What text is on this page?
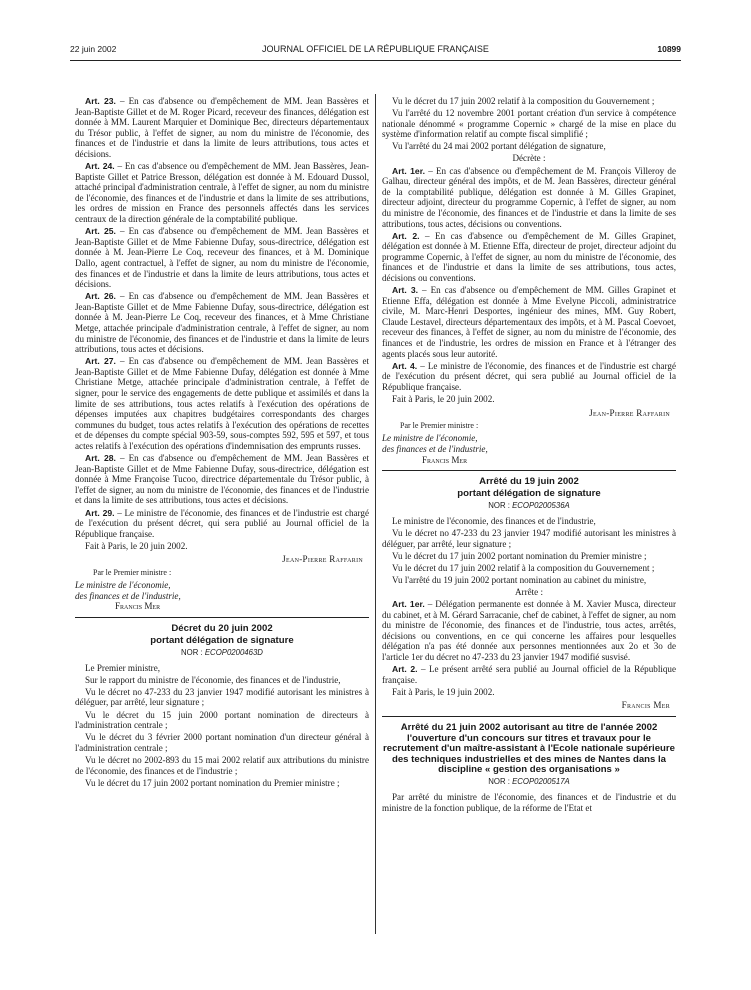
22 juin 2002	JOURNAL OFFICIEL DE LA RÉPUBLIQUE FRANÇAISE	10899

Art. 23. – En cas d'absence ou d'empêchement de MM. Jean Bassères et Jean-Baptiste Gillet et de M. Roger Picard, receveur des finances, délégation est donnée à MM. Laurent Marquier et Dominique Bec, directeurs départementaux du Trésor public, à l'effet de signer, au nom du ministre de l'économie, des finances et de l'industrie et dans la limite de leurs attributions, tous actes et décisions.

Art. 24. – En cas d'absence ou d'empêchement de MM. Jean Bassères, Jean-Baptiste Gillet et Patrice Bresson, délégation est donnée à M. Edouard Dussol, attaché principal d'administration centrale, à l'effet de signer, au nom du ministre de l'économie, des finances et de l'industrie et dans la limite de ses attributions, les ordres de mission en France des personnels affectés dans les services centraux de la direction générale de la comptabilité publique.

Art. 25. – En cas d'absence ou d'empêchement de MM. Jean Bassères et Jean-Baptiste Gillet et de Mme Fabienne Dufay, sous-directrice, délégation est donnée à M. Jean-Pierre Le Coq, receveur des finances, et à M. Dominique Dallo, agent contractuel, à l'effet de signer, au nom du ministre de l'économie, des finances et de l'industrie et dans la limite de leurs attributions, tous actes et décisions.

Art. 26. – En cas d'absence ou d'empêchement de MM. Jean Bassères et Jean-Baptiste Gillet et de Mme Fabienne Dufay, sous-directrice, délégation est donnée à M. Jean-Pierre Le Coq, receveur des finances, et à Mme Christiane Metge, attachée principale d'administration centrale, à l'effet de signer, au nom du ministre de l'économie, des finances et de l'industrie et dans la limite de leurs attributions, tous actes et décisions.

Art. 27. – En cas d'absence ou d'empêchement de MM. Jean Bassères et Jean-Baptiste Gillet et de Mme Fabienne Dufay, délégation est donnée à Mme Christiane Metge, attachée principale d'administration centrale, à l'effet de signer, pour le service des engagements de dette publique et assimilés et dans la limite de ses attributions, tous actes relatifs à l'exécution des opérations de dépenses imputées aux chapitres budgétaires correspondants des charges communes du budget, tous actes relatifs à l'exécution des opérations de recettes et de dépenses du compte spécial 903-59, sous-comptes 592, 595 et 597, et tous actes relatifs à l'exécution des opérations d'indemnisation des emprunts russes.

Art. 28. – En cas d'absence ou d'empêchement de MM. Jean Bassères et Jean-Baptiste Gillet et de Mme Fabienne Dufay, sous-directrice, délégation est donnée à Mme Françoise Tucoo, directrice départementale du Trésor public, à l'effet de signer, au nom du ministre de l'économie, des finances et de l'industrie et dans la limite de ses attributions, tous actes et décisions.

Art. 29. – Le ministre de l'économie, des finances et de l'industrie est chargé de l'exécution du présent décret, qui sera publié au Journal officiel de la République française.

Fait à Paris, le 20 juin 2002.

Jean-Pierre Raffarin

Par le Premier ministre :

Le ministre de l'économie,

des finances et de l'industrie,

Francis Mer

Décret du 20 juin 2002

portant délégation de signature

NOR : ECOP0200463D

Le Premier ministre,

Sur le rapport du ministre de l'économie, des finances et de l'industrie,

Vu le décret no 47-233 du 23 janvier 1947 modifié autorisant les ministres à déléguer, par arrêté, leur signature ;

Vu le décret du 15 juin 2000 portant nomination de directeurs à l'administration centrale ;

Vu le décret du 3 février 2000 portant nomination d'un directeur général à l'administration centrale ;

Vu le décret no 2002-893 du 15 mai 2002 relatif aux attributions du ministre de l'économie, des finances et de l'industrie ;

Vu le décret du 17 juin 2002 portant nomination du Premier ministre ;

Vu le décret du 17 juin 2002 relatif à la composition du Gouvernement ;

Vu l'arrêté du 12 novembre 2001 portant création d'un service à compétence nationale dénommé « programme Copernic » chargé de la mise en place du système d'information relatif au compte fiscal simplifié ;

Vu l'arrêté du 24 mai 2002 portant délégation de signature,

Décrète :

Art. 1er. – En cas d'absence ou d'empêchement de M. François Villeroy de Galhau, directeur général des impôts, et de M. Jean Bassères, directeur général de la comptabilité publique, délégation est donnée à M. Gilles Grapinet, directeur adjoint, directeur du programme Copernic, à l'effet de signer, au nom du ministre de l'économie, des finances et de l'industrie et dans la limite de ses attributions, tous actes, décisions ou conventions.

Art. 2. – En cas d'absence ou d'empêchement de M. Gilles Grapinet, délégation est donnée à M. Etienne Effa, directeur de projet, directeur adjoint du programme Copernic, à l'effet de signer, au nom du ministre de l'économie, des finances et de l'industrie et dans la limite de ses attributions, tous actes, décisions ou conventions.

Art. 3. – En cas d'absence ou d'empêchement de MM. Gilles Grapinet et Etienne Effa, délégation est donnée à Mme Evelyne Piccoli, administratrice civile, M. Marc-Henri Desportes, ingénieur des mines, MM. Guy Robert, Claude Lestavel, directeurs départementaux des impôts, et à M. Pascal Coevoet, receveur des finances, à l'effet de signer, au nom du ministre de l'économie, des finances et de l'industrie, les ordres de mission en France et à l'étranger des agents placés sous leur autorité.

Art. 4. – Le ministre de l'économie, des finances et de l'industrie est chargé de l'exécution du présent décret, qui sera publié au Journal officiel de la République française.

Fait à Paris, le 20 juin 2002.

Jean-Pierre Raffarin

Par le Premier ministre :

Le ministre de l'économie,

des finances et de l'industrie,

Francis Mer

Arrêté du 19 juin 2002

portant délégation de signature

NOR : ECOP0200536A

Le ministre de l'économie, des finances et de l'industrie,

Vu le décret no 47-233 du 23 janvier 1947 modifié autorisant les ministres à déléguer, par arrêté, leur signature ;

Vu le décret du 17 juin 2002 portant nomination du Premier ministre ;

Vu le décret du 17 juin 2002 relatif à la composition du Gouvernement ;

Vu l'arrêté du 19 juin 2002 portant nomination au cabinet du ministre,

Arrête :

Art. 1er. – Délégation permanente est donnée à M. Xavier Musca, directeur du cabinet, et à M. Gérard Sarracanie, chef de cabinet, à l'effet de signer, au nom du ministre de l'économie, des finances et de l'industrie, tous actes, arrêtés, décisions ou conventions, en ce qui concerne les affaires pour lesquelles délégation n'a pas été donnée aux personnes mentionnées aux 2o et 3o de l'article 1er du décret no 47-233 du 23 janvier 1947 modifié susvisé.

Art. 2. – Le présent arrêté sera publié au Journal officiel de la République française.

Fait à Paris, le 19 juin 2002.

Francis Mer

Arrêté du 21 juin 2002 autorisant au titre de l'année 2002 l'ouverture d'un concours sur titres et travaux pour le recrutement d'un maître-assistant à l'Ecole nationale supérieure des techniques industrielles et des mines de Nantes dans la discipline « gestion des organisations »

NOR : ECOP0200517A

Par arrêté du ministre de l'économie, des finances et de l'industrie et du ministre de la fonction publique, de la réforme de l'Etat et
